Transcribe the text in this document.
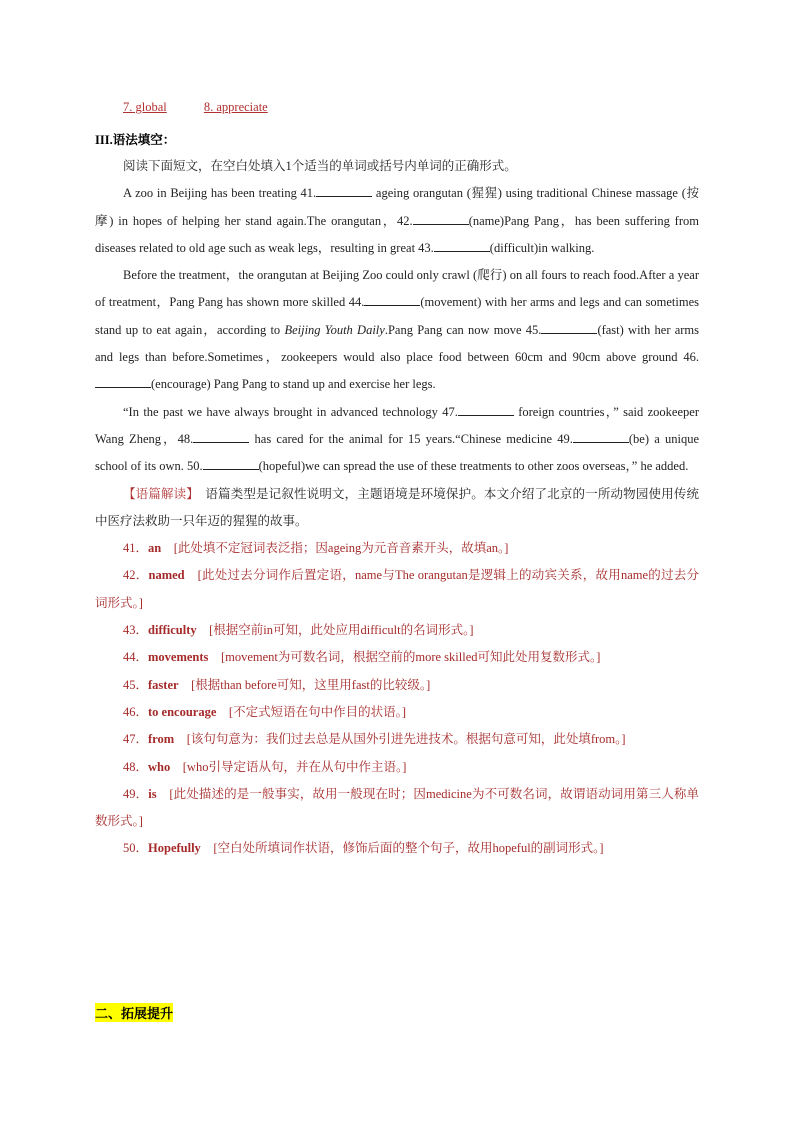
7. global	8. appreciate
III.语法填空：

阅读下面短文，在空白处填入1个适当的单词或括号内单词的正确形式。

A zoo in Beijing has been treating 41.	ageing orangutan (猩猩) using traditional Chinese massage (按摩) in hopes of helping her stand again.The orangutan，42.	(name)Pang Pang，has been suffering from diseases related to old age such as weak legs，resulting in great 43.	(difficult)in walking.

Before the treatment，the orangutan at Beijing Zoo could only crawl (爬行) on all fours to reach food.After a year of treatment，Pang Pang has shown more skilled 44.	(movement) with her arms and legs and can sometimes stand up to eat again，according to Beijing Youth Daily.Pang Pang can now move 45.	(fast) with her arms and legs than before.Sometimes，zookeepers would also place food between 60cm and 90cm above ground 46.(encourage) Pang Pang to stand up and exercise her legs.

“In the past we have always brought in advanced technology 47.	foreign countries，” said zookeeper Wang Zheng，48.	has cared for the animal for 15 years.“Chinese medicine 49.	(be) a unique school of its own. 50.	(hopeful)we can spread the use of these treatments to other zoos overseas，” he added.

【语篇解读】　语篇类型是记叙性说明文，主题语境是环境保护。本文介绍了北京的一所动物园使用传统中医疗法救助一只年迈的猩猩的故事。

41．an　 [此处填不定冠词表泛指；因ageing为元音音素开头，故填an。]

42．named　 [此处过去分词作后置定语，name与The orangutan是逻辑上的动宾关系，故用name的过去分词形式。]

43．difficulty　 [根据空前in可知，此处应用difficult的名词形式。]

44．movements　 [movement为可数名词，根据空前的more skilled可知此处用复数形式。]

45．faster　 [根据than before可知，这里用fast的比较级。]

46．to encourage　 [不定式短语在句中作目的状语。]

47．from　 [该句句意为：我们过去总是从国外引进先进技术。根据句意可知，此处填from。]

48．who　 [who引导定语从句，并在从句中作主语。]

49．is　 [此处描述的是一般事实，故用一般现在时；因medicine为不可数名词，故谓语动词用第三人称单数形式。]

50．Hopefully　 [空白处所填词作状语，修饰后面的整个句子，故用hopeful的副词形式。]

二、拓展提升
